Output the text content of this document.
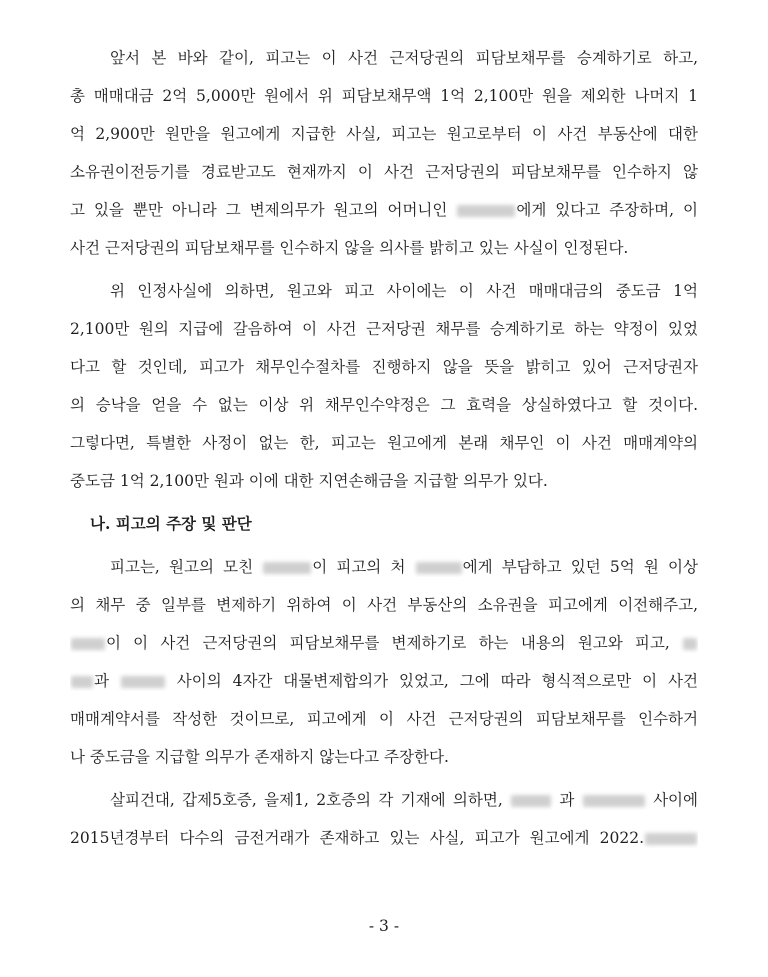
앞서 본 바와 같이, 피고는 이 사건 근저당권의 피담보채무를 승계하기로 하고,
총 매매대금 2억 5,000만 원에서 위 피담보채무액 1억 2,100만 원을 제외한 나머지 1
억 2,900만 원만을 원고에게 지급한 사실, 피고는 원고로부터 이 사건 부동산에 대한
소유권이전등기를 경료받고도 현재까지 이 사건 근저당권의 피담보채무를 인수하지 않
고 있을 뿐만 아니라 그 변제의무가 원고의 어머니인	에게 있다고 주장하며, 이
사건 근저당권의 피담보채무를 인수하지 않을 의사를 밝히고 있는 사실이 인정된다.
위 인정사실에 의하면, 원고와 피고 사이에는 이 사건 매매대금의 중도금 1억
2,100만 원의 지급에 갈음하여 이 사건 근저당권 채무를 승계하기로 하는 약정이 있었
다고 할 것인데, 피고가 채무인수절차를 진행하지 않을 뜻을 밝히고 있어 근저당권자
의 승낙을 얻을 수 없는 이상 위 채무인수약정은 그 효력을 상실하였다고 할 것이다.
그렇다면, 특별한 사정이 없는 한, 피고는 원고에게 본래 채무인 이 사건 매매계약의
중도금 1억 2,100만 원과 이에 대한 지연손해금을 지급할 의무가 있다.
나. 피고의 주장 및 판단
피고는, 원고의 모친	이 피고의 처	에게 부담하고 있던 5억 원 이상
의 채무 중 일부를 변제하기 위하여 이 사건 부동산의 소유권을 피고에게 이전해주고,
이 이 사건 근저당권의 피담보채무를 변제하기로 하는 내용의 원고와 피고,
과	사이의 4자간 대물변제합의가 있었고, 그에 따라 형식적으로만 이 사건
매매계약서를 작성한 것이므로, 피고에게 이 사건 근저당권의 피담보채무를 인수하거
나 중도금을 지급할 의무가 존재하지 않는다고 주장한다.
살피건대, 갑제5호증, 을제1, 2호증의 각 기재에 의하면,	과	사이에
2015년경부터 다수의 금전거래가 존재하고 있는 사실, 피고가 원고에게 2022.
- 3 -
